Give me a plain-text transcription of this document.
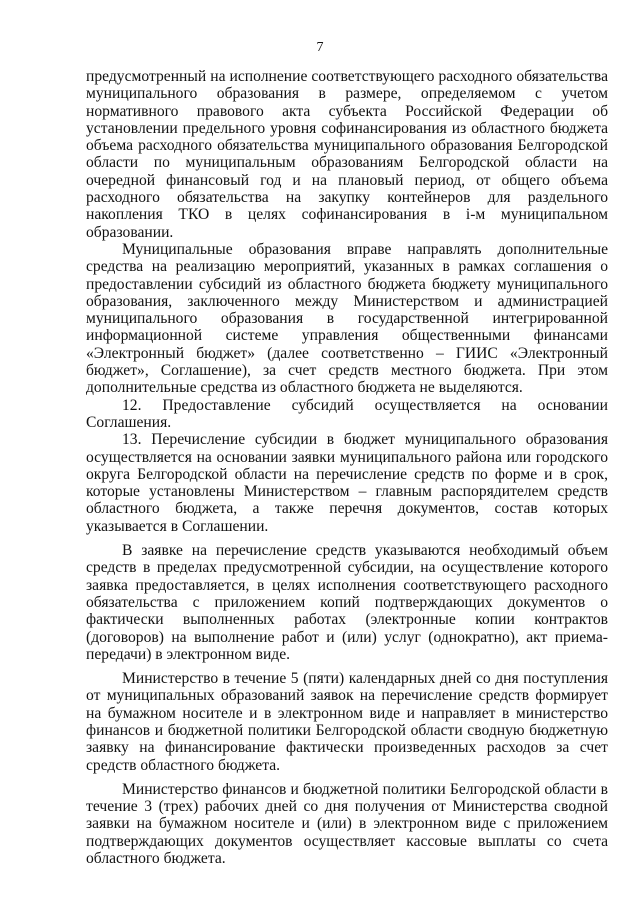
7

предусмотренный на исполнение соответствующего расходного обязательства муниципального образования в размере, определяемом с учетом нормативного правового акта субъекта Российской Федерации об установлении предельного уровня софинансирования из областного бюджета объема расходного обязательства муниципального образования Белгородской области по муниципальным образованиям Белгородской области на очередной финансовый год и на плановый период, от общего объема расходного обязательства на закупку контейнеров для раздельного накопления ТКО в целях софинансирования в i-м муниципальном образовании.

Муниципальные образования вправе направлять дополнительные средства на реализацию мероприятий, указанных в рамках соглашения о предоставлении субсидий из областного бюджета бюджету муниципального образования, заключенного между Министерством и администрацией муниципального образования в государственной интегрированной информационной системе управления общественными финансами «Электронный бюджет» (далее соответственно – ГИИС «Электронный бюджет», Соглашение), за счет средств местного бюджета. При этом дополнительные средства из областного бюджета не выделяются.

12. Предоставление субсидий осуществляется на основании Соглашения.

13. Перечисление субсидии в бюджет муниципального образования осуществляется на основании заявки муниципального района или городского округа Белгородской области на перечисление средств по форме и в срок, которые установлены Министерством – главным распорядителем средств областного бюджета, а также перечня документов, состав которых указывается в Соглашении.

В заявке на перечисление средств указываются необходимый объем средств в пределах предусмотренной субсидии, на осуществление которого заявка предоставляется, в целях исполнения соответствующего расходного обязательства с приложением копий подтверждающих документов о фактически выполненных работах (электронные копии контрактов (договоров) на выполнение работ и (или) услуг (однократно), акт приема-передачи) в электронном виде.

Министерство в течение 5 (пяти) календарных дней со дня поступления от муниципальных образований заявок на перечисление средств формирует на бумажном носителе и в электронном виде и направляет в министерство финансов и бюджетной политики Белгородской области сводную бюджетную заявку на финансирование фактически произведенных расходов за счет средств областного бюджета.

Министерство финансов и бюджетной политики Белгородской области в течение 3 (трех) рабочих дней со дня получения от Министерства сводной заявки на бумажном носителе и (или) в электронном виде с приложением подтверждающих документов осуществляет кассовые выплаты со счета областного бюджета.
